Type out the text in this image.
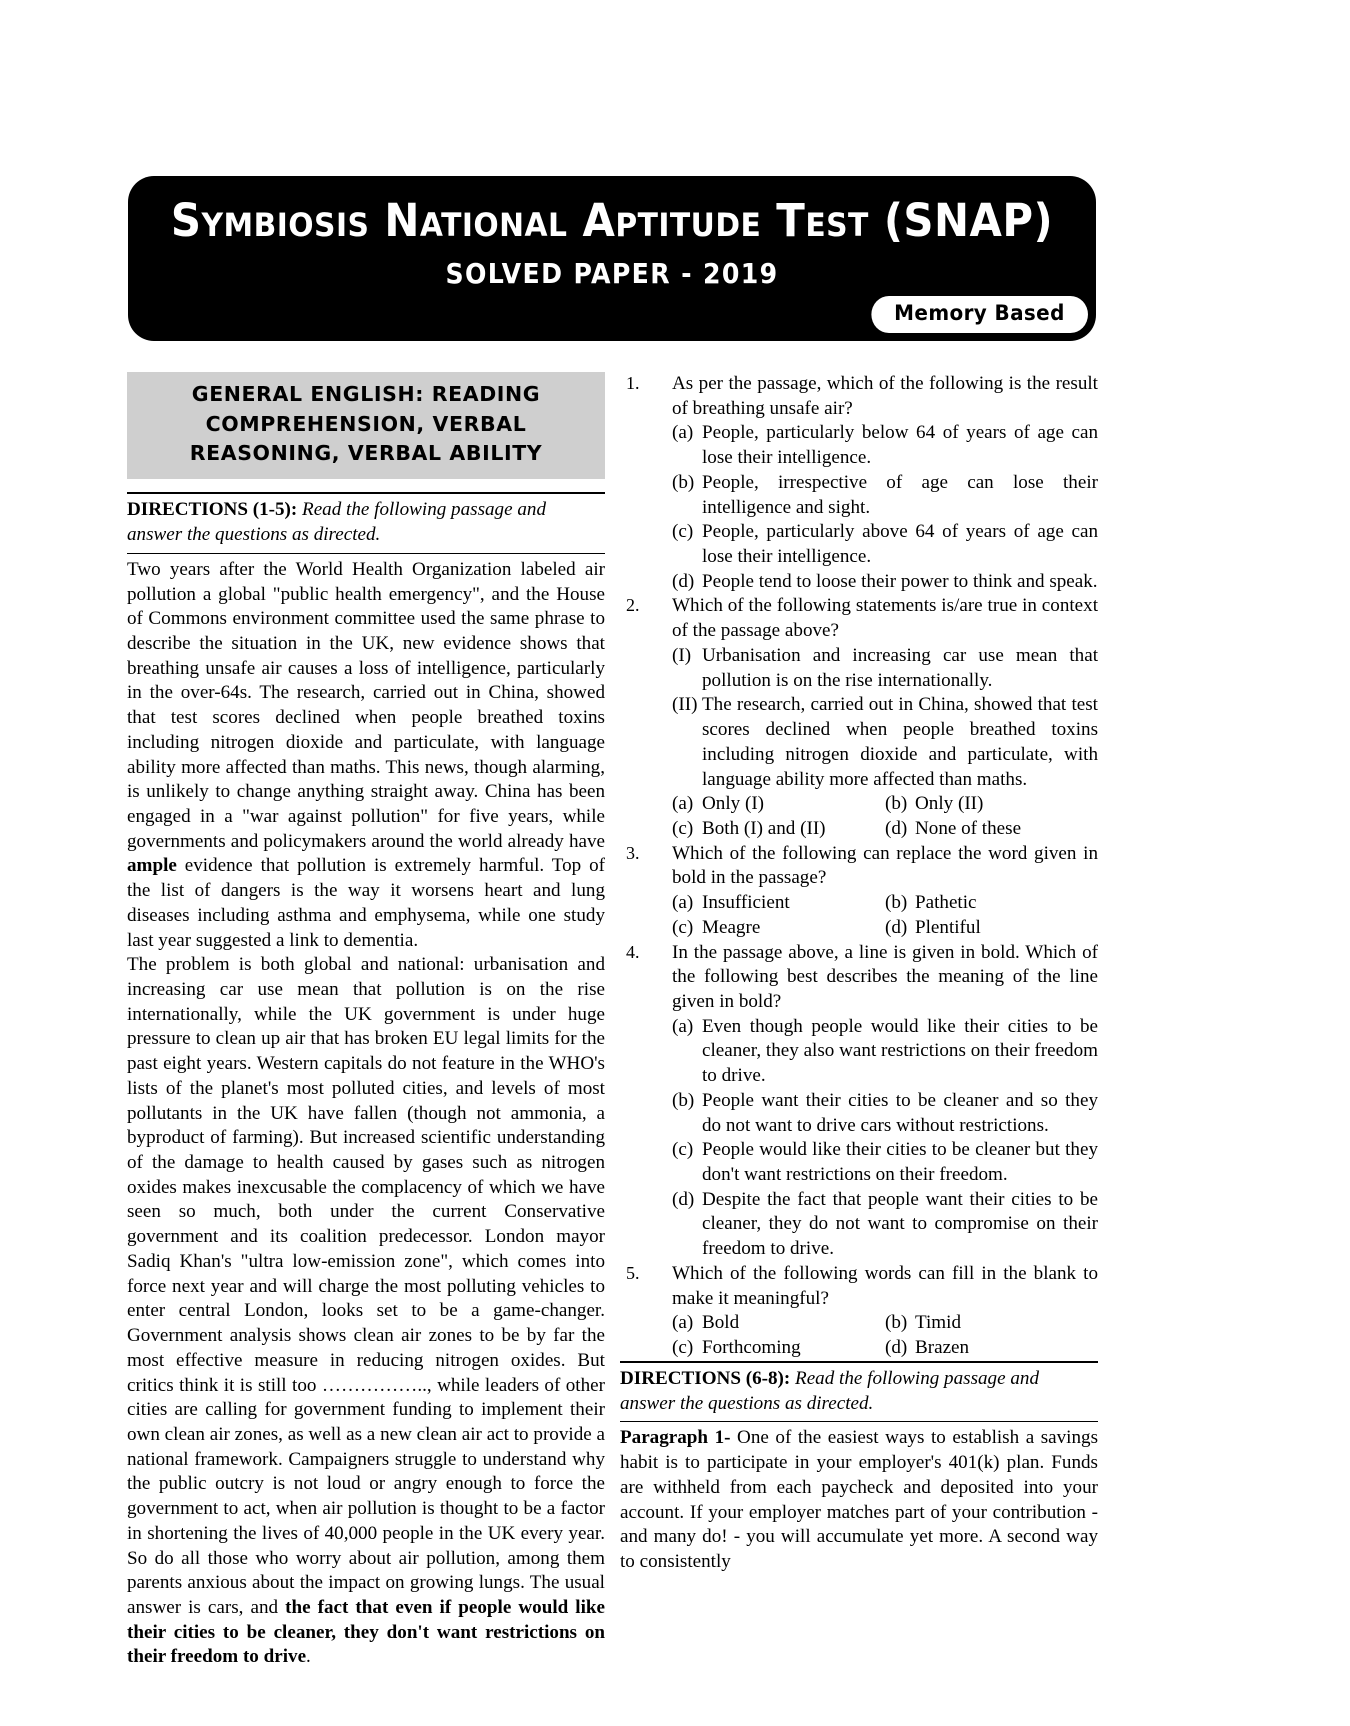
Symbiosis National Aptitude Test (SNAP)
SOLVED PAPER - 2019
Memory Based
GENERAL ENGLISH: READING COMPREHENSION, VERBAL REASONING, VERBAL ABILITY
DIRECTIONS (1-5): Read the following passage and answer the questions as directed.

Two years after the World Health Organization labeled air pollution a global "public health emergency", and the House of Commons environment committee used the same phrase to describe the situation in the UK, new evidence shows that breathing unsafe air causes a loss of intelligence, particularly in the over-64s. The research, carried out in China, showed that test scores declined when people breathed toxins including nitrogen dioxide and particulate, with language ability more affected than maths. This news, though alarming, is unlikely to change anything straight away. China has been engaged in a "war against pollution" for five years, while governments and policymakers around the world already have ample evidence that pollution is extremely harmful. Top of the list of dangers is the way it worsens heart and lung diseases including asthma and emphysema, while one study last year suggested a link to dementia.

The problem is both global and national: urbanisation and increasing car use mean that pollution is on the rise internationally, while the UK government is under huge pressure to clean up air that has broken EU legal limits for the past eight years. Western capitals do not feature in the WHO's lists of the planet's most polluted cities, and levels of most pollutants in the UK have fallen (though not ammonia, a byproduct of farming). But increased scientific understanding of the damage to health caused by gases such as nitrogen oxides makes inexcusable the complacency of which we have seen so much, both under the current Conservative government and its coalition predecessor. London mayor Sadiq Khan's "ultra low-emission zone", which comes into force next year and will charge the most polluting vehicles to enter central London, looks set to be a game-changer. Government analysis shows clean air zones to be by far the most effective measure in reducing nitrogen oxides. But critics think it is still too …………….., while leaders of other cities are calling for government funding to implement their own clean air zones, as well as a new clean air act to provide a national framework. Campaigners struggle to understand why the public outcry is not loud or angry enough to force the government to act, when air pollution is thought to be a factor in shortening the lives of 40,000 people in the UK every year. So do all those who worry about air pollution, among them parents anxious about the impact on growing lungs. The usual answer is cars, and the fact that even if people would like their cities to be cleaner, they don't want restrictions on their freedom to drive.

1.	As per the passage, which of the following is the result of breathing unsafe air?
(a) People, particularly below 64 of years of age can lose their intelligence.
(b) People, irrespective of age can lose their intelligence and sight.
(c) People, particularly above 64 of years of age can lose their intelligence.
(d) People tend to loose their power to think and speak.
2.	Which of the following statements is/are true in context of the passage above?
(I) Urbanisation and increasing car use mean that pollution is on the rise internationally.
(II) The research, carried out in China, showed that test scores declined when people breathed toxins including nitrogen dioxide and particulate, with language ability more affected than maths.
(a) Only (I)	(b) Only (II)
(c) Both (I) and (II)	(d) None of these
3.	Which of the following can replace the word given in bold in the passage?
(a) Insufficient	(b) Pathetic
(c) Meagre	(d) Plentiful
4.	In the passage above, a line is given in bold. Which of the following best describes the meaning of the line given in bold?
(a) Even though people would like their cities to be cleaner, they also want restrictions on their freedom to drive.
(b) People want their cities to be cleaner and so they do not want to drive cars without restrictions.
(c) People would like their cities to be cleaner but they don't want restrictions on their freedom.
(d) Despite the fact that people want their cities to be cleaner, they do not want to compromise on their freedom to drive.
5.	Which of the following words can fill in the blank to make it meaningful?
(a) Bold	(b) Timid
(c) Forthcoming	(d) Brazen
DIRECTIONS (6-8): Read the following passage and answer the questions as directed.

Paragraph 1- One of the easiest ways to establish a savings habit is to participate in your employer's 401(k) plan. Funds are withheld from each paycheck and deposited into your account. If your employer matches part of your contribution - and many do! - you will accumulate yet more. A second way to consistently
